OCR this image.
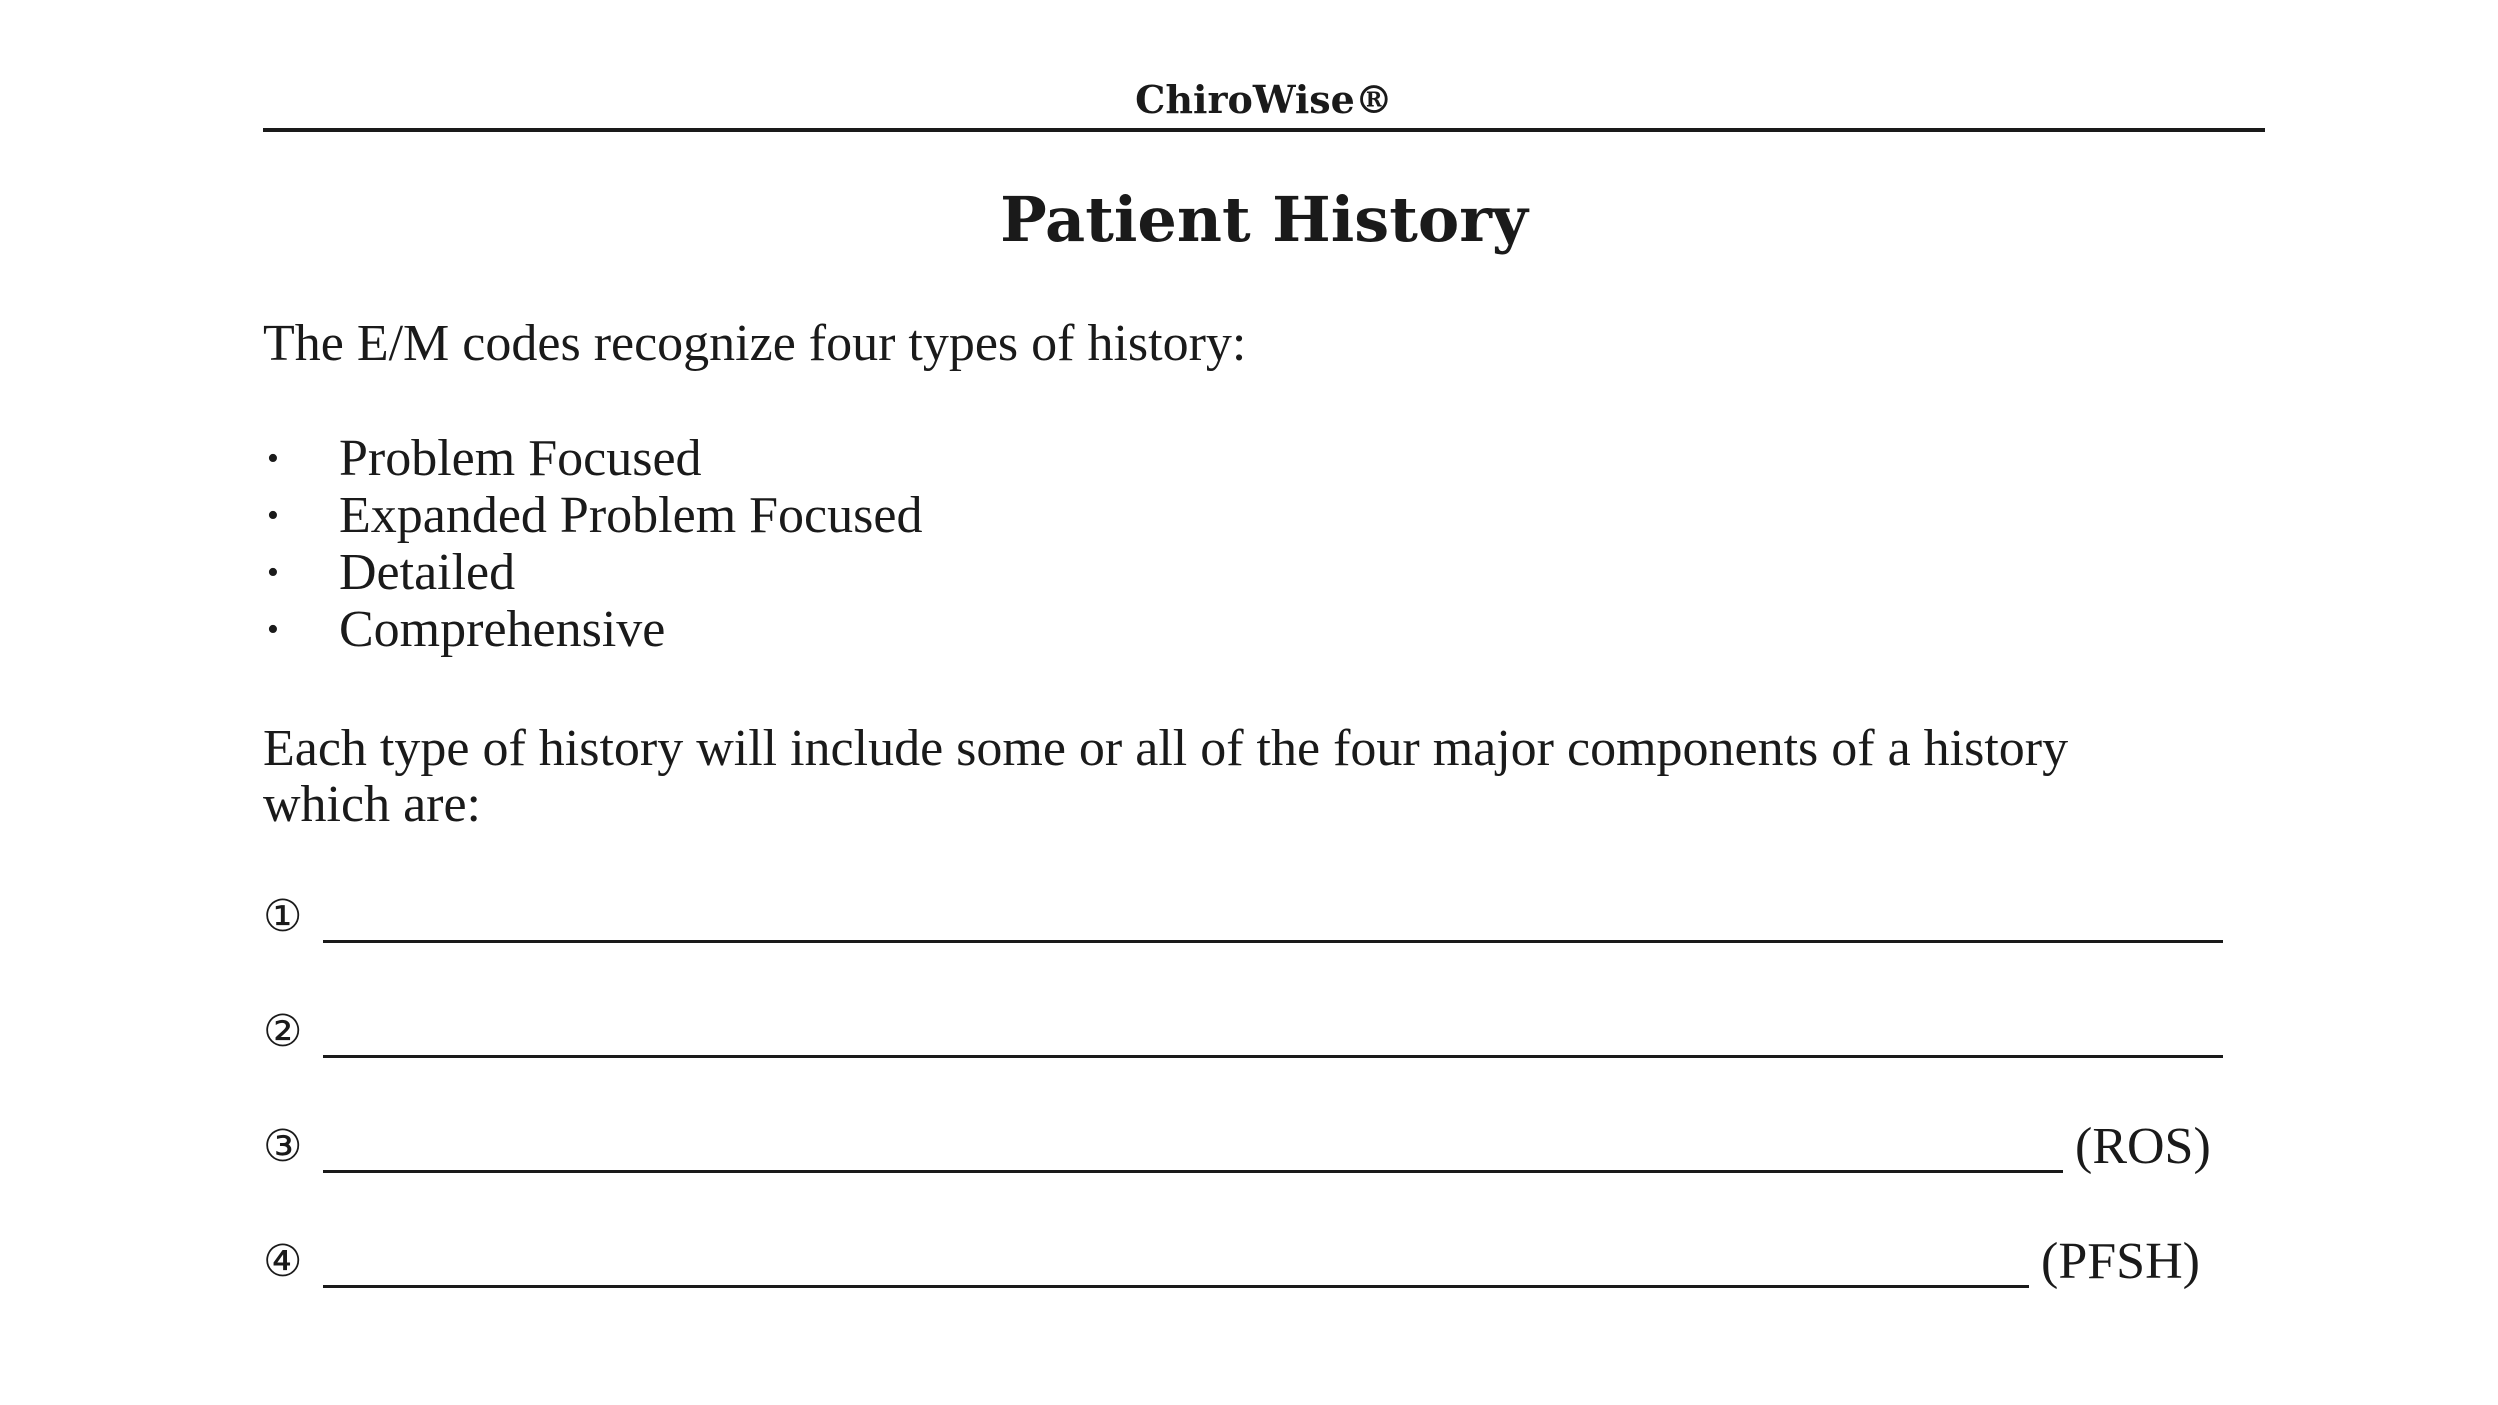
ChiroWise®
Patient History
The E/M codes recognize four types of history:
• Problem Focused
• Expanded Problem Focused
• Detailed
• Comprehensive
Each type of history will include some or all of the four major components of a history
which are:
①
②
③	(ROS)
④	(PFSH)
